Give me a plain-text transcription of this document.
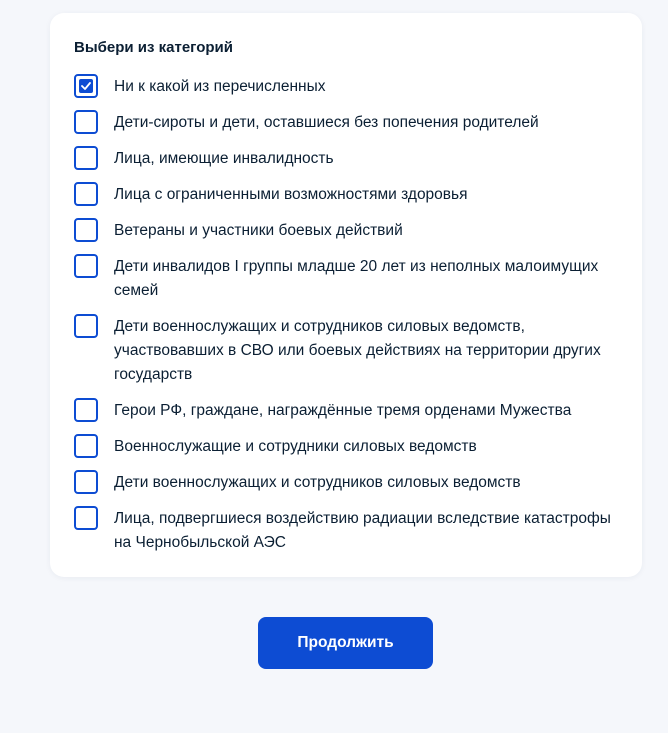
Выбери из категорий
Ни к какой из перечисленных
Дети-сироты и дети, оставшиеся без попечения родителей
Лица, имеющие инвалидность
Лица с ограниченными возможностями здоровья
Ветераны и участники боевых действий
Дети инвалидов I группы младше 20 лет из неполных малоимущих семей
Дети военнослужащих и сотрудников силовых ведомств, участвовавших в СВО или боевых действиях на территории других государств
Герои РФ, граждане, награждённые тремя орденами Мужества
Военнослужащие и сотрудники силовых ведомств
Дети военнослужащих и сотрудников силовых ведомств
Лица, подвергшиеся воздействию радиации вследствие катастрофы на Чернобыльской АЭС
Продолжить
